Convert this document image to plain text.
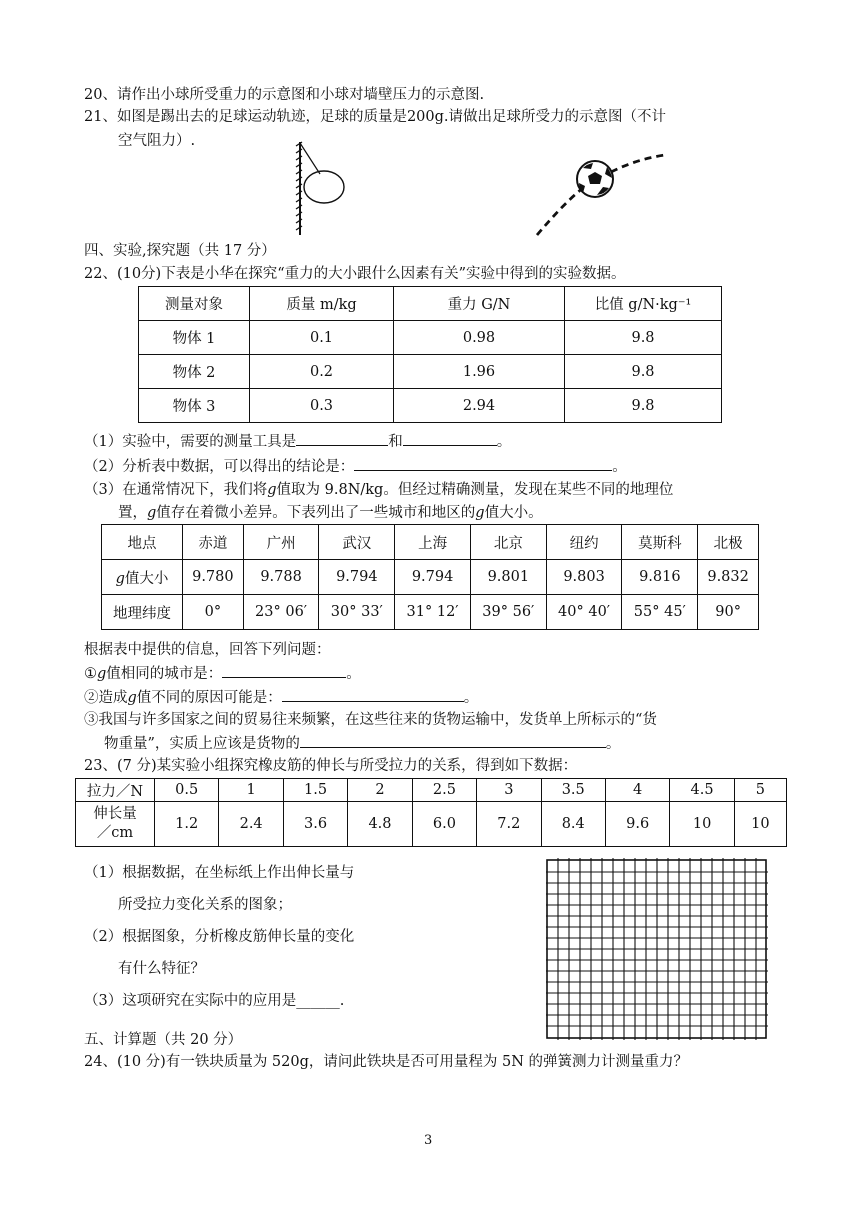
20、请作出小球所受重力的示意图和小球对墙壁压力的示意图.
21、如图是踢出去的足球运动轨迹，足球的质量是200g.请做出足球所受力的示意图（不计
空气阻力）.
四、实验,探究题（共 17 分）
22、(10分)下表是小华在探究“重力的大小跟什么因素有关”实验中得到的实验数据。
测量对象	质量 m/kg	重力 G/N	比值 g/N·kg⁻¹
物体 1	0.1	0.98	9.8
物体 2	0.2	1.96	9.8
物体 3	0.3	2.94	9.8
（1）实验中，需要的测量工具是	和	。
（2）分析表中数据，可以得出的结论是：	。
（3）在通常情况下，我们将g值取为 9.8N/kg。但经过精确测量，发现在某些不同的地理位
置，g值存在着微小差异。下表列出了一些城市和地区的g值大小。
地点	赤道	广州	武汉	上海	北京	纽约	莫斯科	北极
g值大小	9.780	9.788	9.794	9.794	9.801	9.803	9.816	9.832
地理纬度	0°	23° 06′	30° 33′	31° 12′	39° 56′	40° 40′	55° 45′	90°
根据表中提供的信息，回答下列问题：
①g值相同的城市是：	。
②造成g值不同的原因可能是：	。
③我国与许多国家之间的贸易往来频繁，在这些往来的货物运输中，发货单上所标示的“货
物重量”，实质上应该是货物的	。
23、(7 分)某实验小组探究橡皮筋的伸长与所受拉力的关系，得到如下数据：
拉力／N	0.5	1	1.5	2	2.5	3	3.5	4	4.5	5
伸长量
／cm	1.2	2.4	3.6	4.8	6.0	7.2	8.4	9.6	10	10
（1）根据数据，在坐标纸上作出伸长量与
所受拉力变化关系的图象；
（2）根据图象，分析橡皮筋伸长量的变化
有什么特征？
（3）这项研究在实际中的应用是______.
五、计算题（共 20 分）
24、(10 分)有一铁块质量为 520g，请问此铁块是否可用量程为 5N 的弹簧测力计测量重力？
3
